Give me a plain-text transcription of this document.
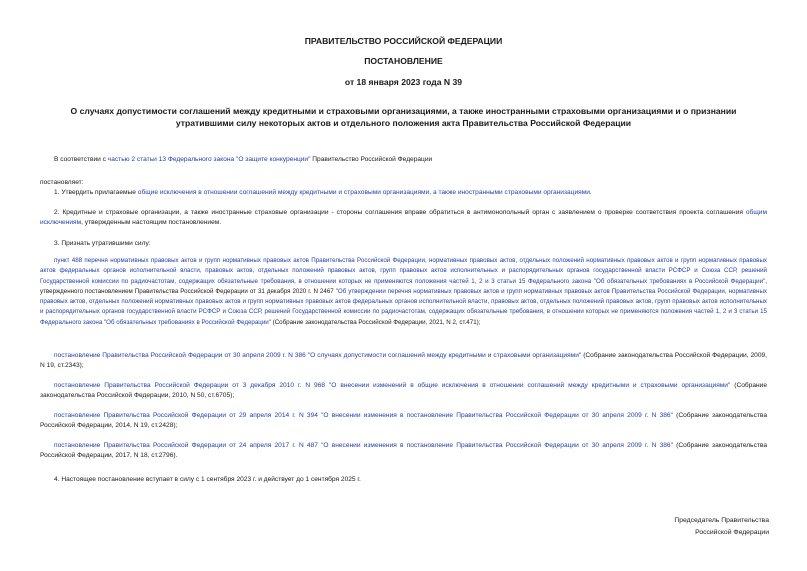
ПРАВИТЕЛЬСТВО РОССИЙСКОЙ ФЕДЕРАЦИИ
ПОСТАНОВЛЕНИЕ
от 18 января 2023 года N 39
О случаях допустимости соглашений между кредитными и страховыми организациями, а также иностранными страховыми организациями и о признании
утратившими силу некоторых актов и отдельного положения акта Правительства Российской Федерации

В соответствии с частью 2 статьи 13 Федерального закона "О защите конкуренции" Правительство Российской Федерации

постановляет:

1. Утвердить прилагаемые общие исключения в отношении соглашений между кредитными и страховыми организациями, а также иностранными страховыми организациями.

2. Кредитные и страховые организации, а также иностранные страховые организации - стороны соглашения вправе обратиться в антимонопольный орган с заявлением о проверке соответствия проекта соглашения общим исключениям, утвержденным настоящим постановлением.

3. Признать утратившими силу:

пункт 488 перечня нормативных правовых актов и групп нормативных правовых актов Правительства Российской Федерации, нормативных правовых актов, отдельных положений нормативных правовых актов и групп нормативных правовых актов федеральных органов исполнительной власти, правовых актов, отдельных положений правовых актов, групп правовых актов исполнительных и распорядительных органов государственной власти РСФСР и Союза ССР, решений Государственной комиссии по радиочастотам, содержащих обязательные требования, в отношении которых не применяются положения частей 1, 2 и 3 статьи 15 Федерального закона "Об обязательных требованиях в Российской Федерации", утвержденного постановлением Правительства Российской Федерации от 31 декабря 2020 г. N 2467 "Об утверждении перечня нормативных правовых актов и групп нормативных правовых актов Правительства Российской Федерации, нормативных правовых актов, отдельных положений нормативных правовых актов и групп нормативных правовых актов федеральных органов исполнительной власти, правовых актов, отдельных положений правовых актов, групп правовых актов исполнительных и распорядительных органов государственной власти РСФСР и Союза ССР, решений Государственной комиссии по радиочастотам, содержащих обязательные требования, в отношении которых не применяются положения частей 1, 2 и 3 статьи 15 Федерального закона "Об обязательных требованиях в Российской Федерации" (Собрание законодательства Российской Федерации, 2021, N 2, ст.471);

постановление Правительства Российской Федерации от 30 апреля 2009 г. N 386 "О случаях допустимости соглашений между кредитными и страховыми организациями" (Собрание законодательства Российской Федерации, 2009, N 19, ст.2343);

постановление Правительства Российской Федерации от 3 декабря 2010 г. N 968 "О внесении изменений в общие исключения в отношении соглашений между кредитными и страховыми организациями" (Собрание законодательства Российской Федерации, 2010, N 50, ст.6705);

постановление Правительства Российской Федерации от 29 апреля 2014 г. N 394 "О внесении изменения в постановление Правительства Российской Федерации от 30 апреля 2009 г. N 386" (Собрание законодательства Российской Федерации, 2014, N 19, ст.2428);

постановление Правительства Российской Федерации от 24 апреля 2017 г. N 487 "О внесении изменения в постановление Правительства Российской Федерации от 30 апреля 2009 г. N 386" (Собрание законодательства Российской Федерации, 2017, N 18, ст.2796).

4. Настоящее постановление вступает в силу с 1 сентября 2023 г. и действует до 1 сентября 2025 г.

Председатель Правительства
Российской Федерации
